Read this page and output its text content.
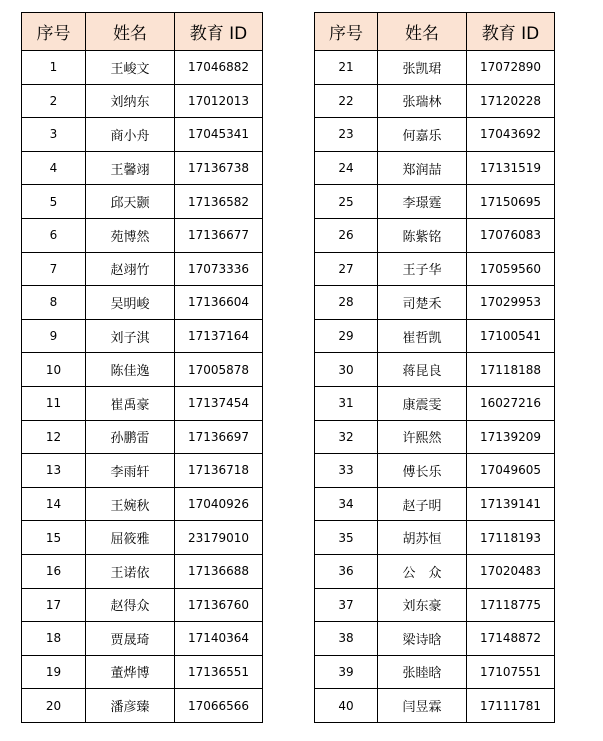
序号	姓名	教育 ID
1	王峻文	17046882
2	刘纳东	17012013
3	商小舟	17045341
4	王馨翊	17136738
5	邱天颢	17136582
6	苑博然	17136677
7	赵翊竹	17073336
8	吴明峻	17136604
9	刘子淇	17137164
10	陈佳逸	17005878
11	崔禹豪	17137454
12	孙鹏雷	17136697
13	李雨轩	17136718
14	王婉秋	17040926
15	屈筱雅	23179010
16	王诺依	17136688
17	赵得众	17136760
18	贾晟琦	17140364
19	董烨博	17136551
20	潘彦臻	17066566
序号	姓名	教育 ID
21	张凯珺	17072890
22	张瑞林	17120228
23	何嘉乐	17043692
24	郑润喆	17131519
25	李璟霆	17150695
26	陈紫铭	17076083
27	王子华	17059560
28	司楚禾	17029953
29	崔哲凯	17100541
30	蒋昆良	17118188
31	康震雯	16027216
32	许熙然	17139209
33	傅长乐	17049605
34	赵子明	17139141
35	胡苏恒	17118193
36	公　众	17020483
37	刘东豪	17118775
38	梁诗晗	17148872
39	张睦晗	17107551
40	闫昱霖	17111781
